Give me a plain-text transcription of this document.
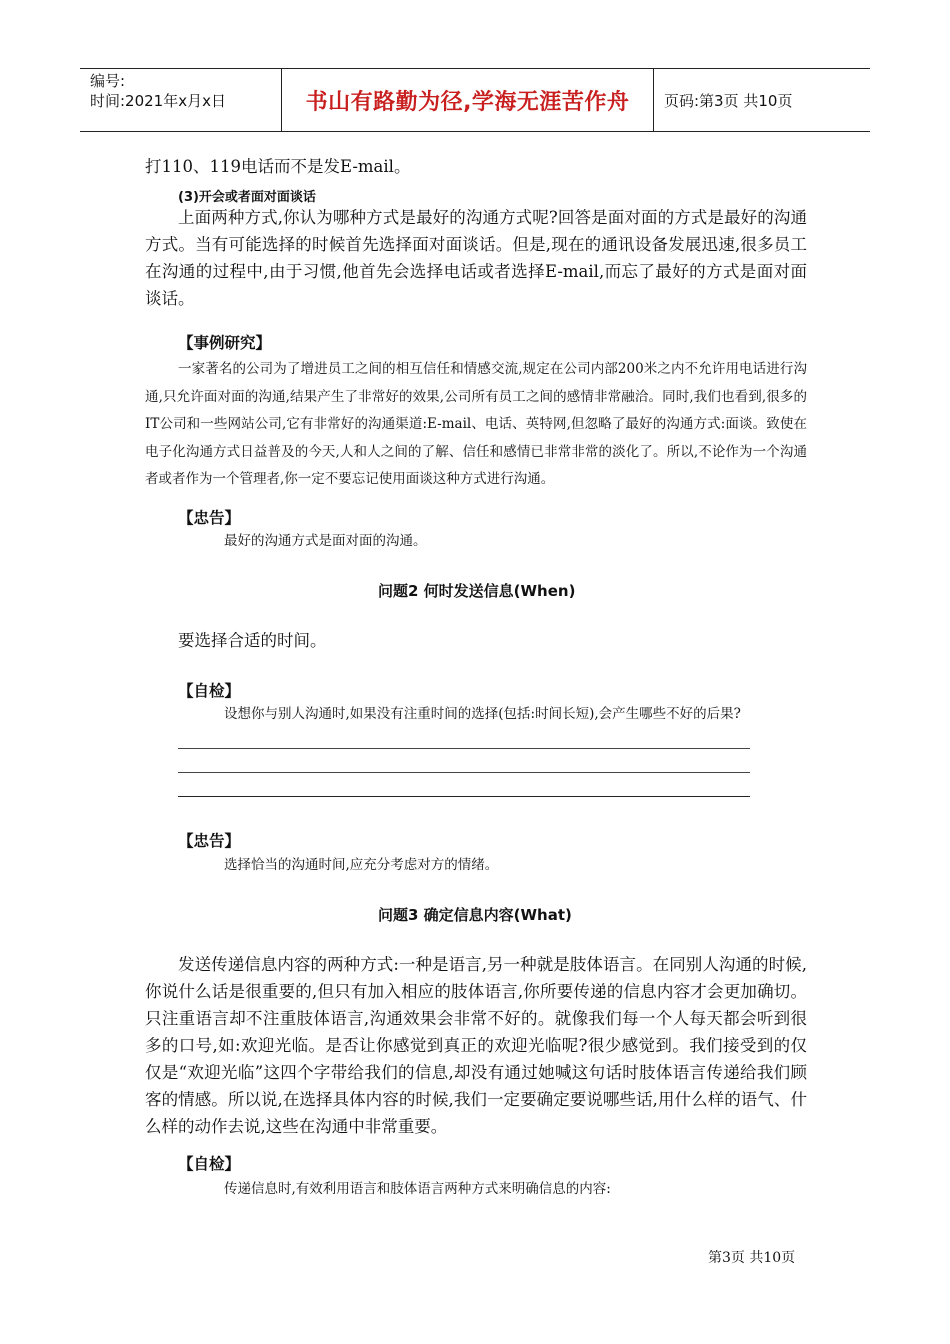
编号:
时间:2021年x月x日	书山有路勤为径,学海无涯苦作舟	页码:第3页 共10页
打110、119电话而不是发E-mail。
(3)开会或者面对面谈话
上面两种方式,你认为哪种方式是最好的沟通方式呢?回答是面对面的方式是最好的沟通方式。当有可能选择的时候首先选择面对面谈话。但是,现在的通讯设备发展迅速,很多员工在沟通的过程中,由于习惯,他首先会选择电话或者选择E-mail,而忘了最好的方式是面对面谈话。
【事例研究】
一家著名的公司为了增进员工之间的相互信任和情感交流,规定在公司内部200米之内不允许用电话进行沟通,只允许面对面的沟通,结果产生了非常好的效果,公司所有员工之间的感情非常融洽。同时,我们也看到,很多的IT公司和一些网站公司,它有非常好的沟通渠道:E-mail、电话、英特网,但忽略了最好的沟通方式:面谈。致使在电子化沟通方式日益普及的今天,人和人之间的了解、信任和感情已非常非常的淡化了。所以,不论作为一个沟通者或者作为一个管理者,你一定不要忘记使用面谈这种方式进行沟通。
【忠告】
最好的沟通方式是面对面的沟通。
问题2 何时发送信息(When)
要选择合适的时间。
【自检】
设想你与别人沟通时,如果没有注重时间的选择(包括:时间长短),会产生哪些不好的后果?
【忠告】
选择恰当的沟通时间,应充分考虑对方的情绪。
问题3 确定信息内容(What)
发送传递信息内容的两种方式:一种是语言,另一种就是肢体语言。在同别人沟通的时候,你说什么话是很重要的,但只有加入相应的肢体语言,你所要传递的信息内容才会更加确切。只注重语言却不注重肢体语言,沟通效果会非常不好的。就像我们每一个人每天都会听到很多的口号,如:欢迎光临。是否让你感觉到真正的欢迎光临呢?很少感觉到。我们接受到的仅仅是“欢迎光临”这四个字带给我们的信息,却没有通过她喊这句话时肢体语言传递给我们顾客的情感。所以说,在选择具体内容的时候,我们一定要确定要说哪些话,用什么样的语气、什么样的动作去说,这些在沟通中非常重要。
【自检】
传递信息时,有效利用语言和肢体语言两种方式来明确信息的内容:
第3页 共10页
